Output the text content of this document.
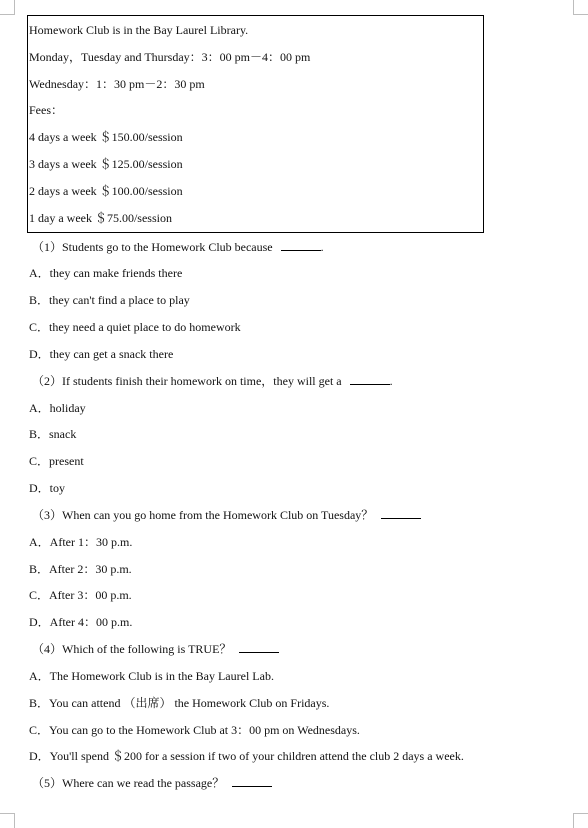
Homework Club is in the Bay Laurel Library.
Monday，Tuesday and Thursday：3：00 pm－4：00 pm
Wednesday：1：30 pm－2：30 pm
Fees：
4 days a week ＄150.00/session
3 days a week ＄125.00/session
2 days a week ＄100.00/session
1 day a week ＄75.00/session
（1）Students go to the Homework Club because	.
A．they can make friends there
B．they can't find a place to play
C．they need a quiet place to do homework
D．they can get a snack there
（2）If students finish their homework on time，they will get a	.
A．holiday
B．snack
C．present
D．toy
（3）When can you go home from the Homework Club on Tuesday？
A．After 1：30 p.m.
B．After 2：30 p.m.
C．After 3：00 p.m.
D．After 4：00 p.m.
（4）Which of the following is TRUE？
A．The Homework Club is in the Bay Laurel Lab.
B．You can attend （出席） the Homework Club on Fridays.
C．You can go to the Homework Club at 3：00 pm on Wednesdays.
D．You'll spend ＄200 for a session if two of your children attend the club 2 days a week.
（5）Where can we read the passage？
